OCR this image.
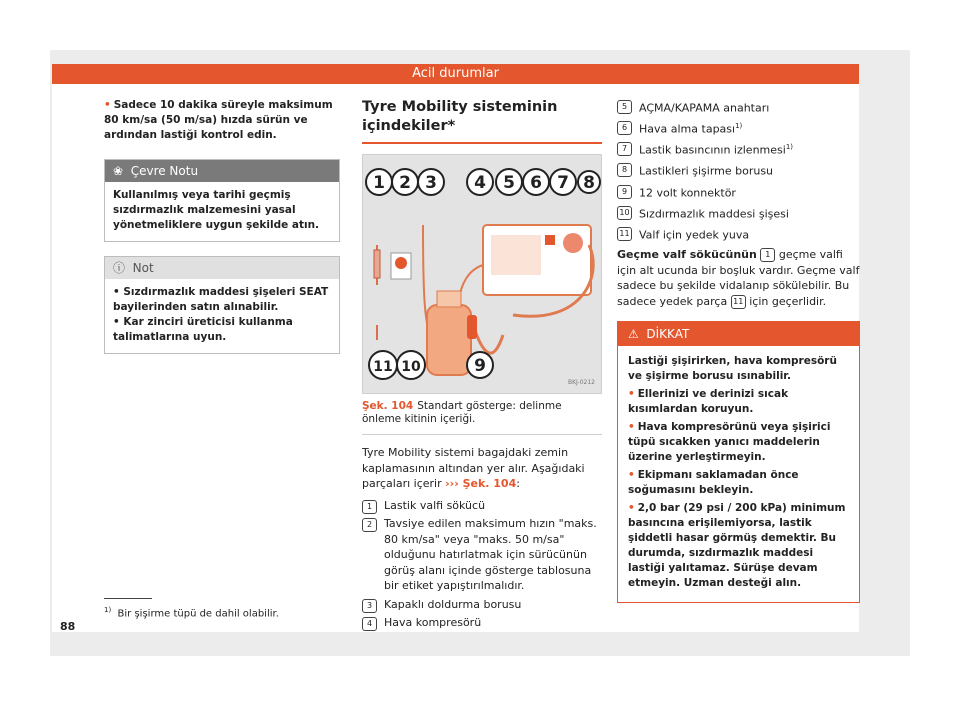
Acil durumlar
• Sadece 10 dakika süreyle maksimum 80 km/sa (50 m/sa) hızda sürün ve ardından lastiği kontrol edin.
❀ Çevre Notu
Kullanılmış veya tarihi geçmiş sızdırmazlık malzemesini yasal yönetmeliklere uygun şekilde atın.
ⓘ Not
• Sızdırmazlık maddesi şişeleri SEAT bayilerinden satın alınabilir.
• Kar zinciri üreticisi kullanma talimatlarına uyun.
Tyre Mobility sisteminin içindekiler*
1 2 3 4 5 6 7 8
11 10	9
BKJ-0212
Şek. 104 Standart gösterge: delinme önleme kitinin içeriği.
Tyre Mobility sistemi bagajdaki zemin kaplamasının altından yer alır. Aşağıdaki parçaları içerir ››› Şek. 104:
1	Lastik valfi sökücü
2	Tavsiye edilen maksimum hızın "maks. 80 km/sa" veya "maks. 50 m/sa" olduğunu hatırlatmak için sürücünün görüş alanı içinde gösterge tablosuna bir etiket yapıştırılmalıdır.
3	Kapaklı doldurma borusu
4	Hava kompresörü
5	AÇMA/KAPAMA anahtarı
6	Hava alma tapası$^{1)}$
7	Lastik basıncının izlenmesi$^{1)}$
8	Lastikleri şişirme borusu
9	12 volt konnektör
10 Sızdırmazlık maddesi şişesi
11 Valf için yedek yuva
Geçme valf sökücünün 1 geçme valfi için alt ucunda bir boşluk vardır. Geçme valf sadece bu şekilde vidalanıp sökülebilir. Bu sadece yedek parça 11 için geçerlidir.
⚠ DİKKAT

Lastiği şişirirken, hava kompresörü ve şişirme borusu ısınabilir.

• Ellerinizi ve derinizi sıcak kısımlardan koruyun.

• Hava kompresörünü veya şişirici tüpü sıcakken yanıcı maddelerin üzerine yerleştirmeyin.

• Ekipmanı saklamadan önce soğumasını bekleyin.

• 2,0 bar (29 psi / 200 kPa) minimum basıncına erişilemiyorsa, lastik şiddetli hasar görmüş demektir. Bu durumda, sızdırmazlık maddesi lastiği yalıtamaz. Sürüşe devam etmeyin. Uzman desteği alın.

$^{1)}$ Bir şişirme tüpü de dahil olabilir.
88
